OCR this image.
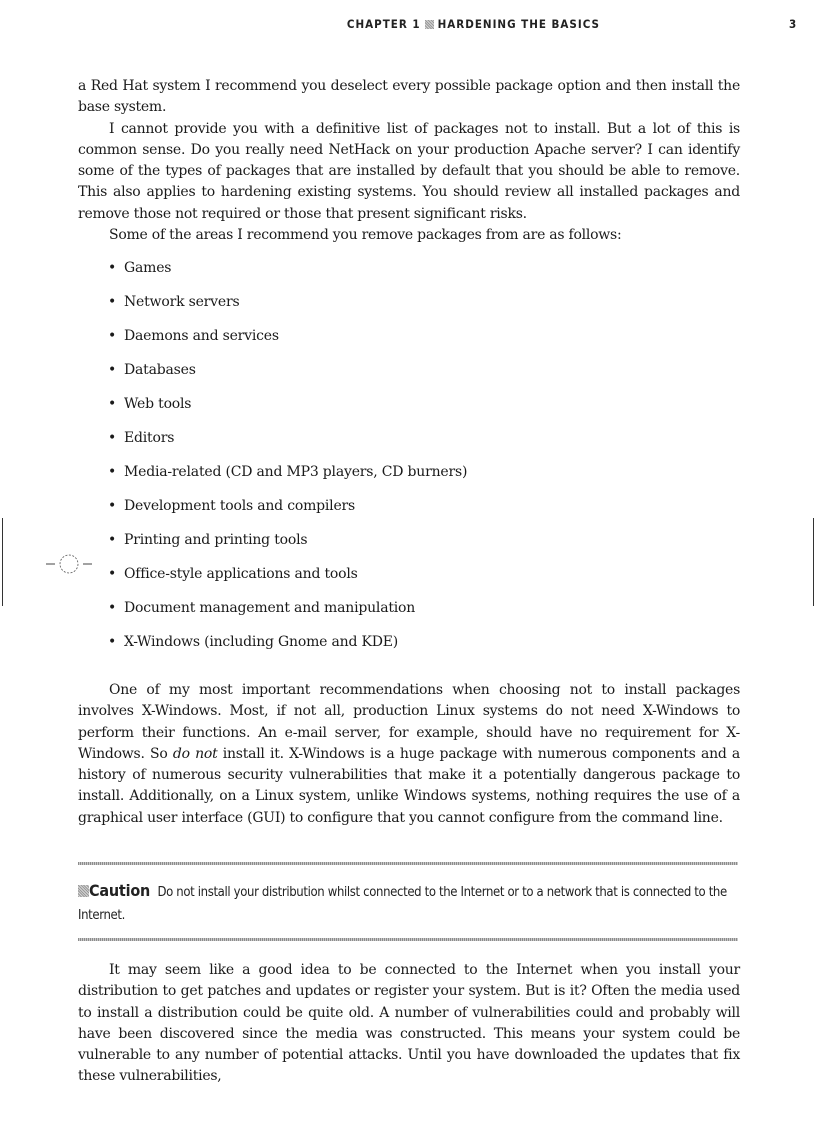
CHAPTER 1 HARDENING THE BASICS	3

a Red Hat system I recommend you deselect every possible package option and then install the base system.

I cannot provide you with a definitive list of packages not to install. But a lot of this is common sense. Do you really need NetHack on your production Apache server? I can identify some of the types of packages that are installed by default that you should be able to remove. This also applies to hardening existing systems. You should review all installed packages and remove those not required or those that present significant risks.

Some of the areas I recommend you remove packages from are as follows:

• Games
• Network servers
• Daemons and services
• Databases
• Web tools
• Editors
• Media-related (CD and MP3 players, CD burners)
• Development tools and compilers
• Printing and printing tools
• Office-style applications and tools
• Document management and manipulation
• X-Windows (including Gnome and KDE)

One of my most important recommendations when choosing not to install packages involves X-Windows. Most, if not all, production Linux systems do not need X-Windows to perform their functions. An e-mail server, for example, should have no requirement for X-Windows. So do not install it. X-Windows is a huge package with numerous components and a history of numerous security vulnerabilities that make it a potentially dangerous package to install. Additionally, on a Linux system, unlike Windows systems, nothing requires the use of a graphical user interface (GUI) to configure that you cannot configure from the command line.

Caution Do not install your distribution whilst connected to the Internet or to a network that is connected to the Internet.

It may seem like a good idea to be connected to the Internet when you install your distribution to get patches and updates or register your system. But is it? Often the media used to install a distribution could be quite old. A number of vulnerabilities could and probably will have been discovered since the media was constructed. This means your system could be vulnerable to any number of potential attacks. Until you have downloaded the updates that fix these vulnerabilities,
